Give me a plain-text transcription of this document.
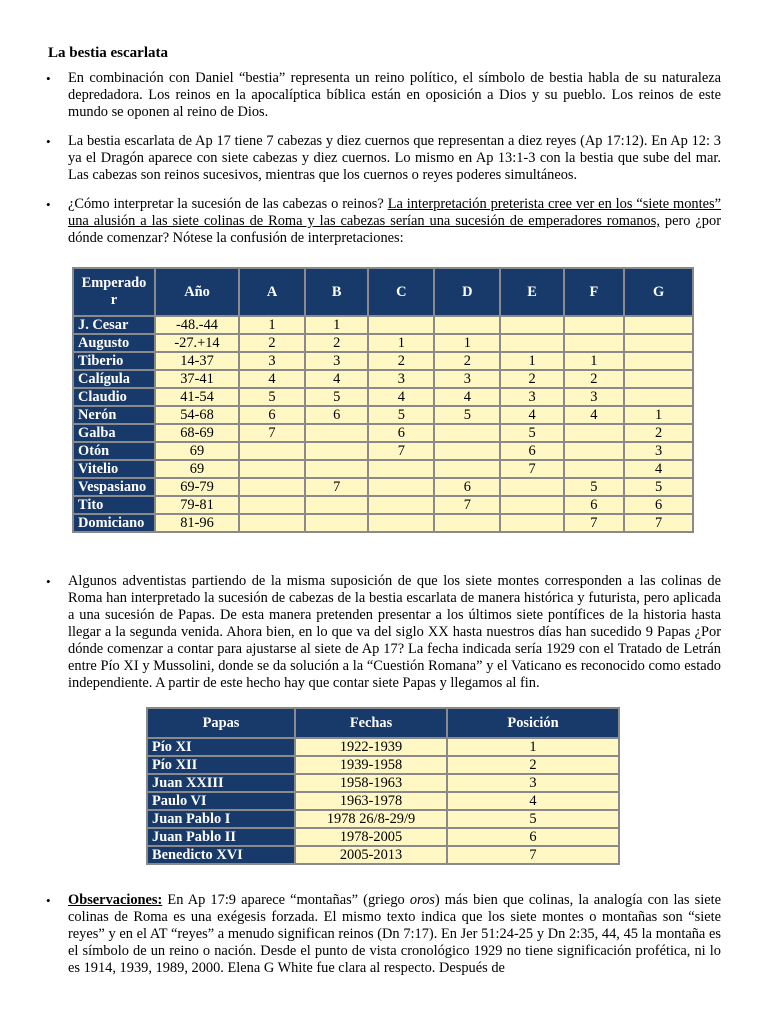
La bestia escarlata
• En combinación con Daniel “bestia” representa un reino político, el símbolo de bestia habla de su naturaleza depredadora. Los reinos en la apocalíptica bíblica están en oposición a Dios y su pueblo. Los reinos de este mundo se oponen al reino de Dios.
• La bestia escarlata de Ap 17 tiene 7 cabezas y diez cuernos que representan a diez reyes (Ap 17:12). En Ap 12: 3 ya el Dragón aparece con siete cabezas y diez cuernos. Lo mismo en Ap 13:1-3 con la bestia que sube del mar. Las cabezas son reinos sucesivos, mientras que los cuernos o reyes poderes simultáneos.
• ¿Cómo interpretar la sucesión de las cabezas o reinos? La interpretación preterista cree ver en los “siete montes” una alusión a las siete colinas de Roma y las cabezas serían una sucesión de emperadores romanos, pero ¿por dónde comenzar? Nótese la confusión de interpretaciones:
Emperado r	Año	A	B	C	D	E	F	G
J. Cesar	-48.-44	1	1					
Augusto	-27.+14	2	2	1	1			
Tiberio	14-37	3	3	2	2	1	1	
Calígula	37-41	4	4	3	3	2	2	
Claudio	41-54	5	5	4	4	3	3	
Nerón	54-68	6	6	5	5	4	4	1
Galba	68-69	7		6		5		2
Otón	69			7		6		3
Vitelio	69					7		4
Vespasiano	69-79		7		6		5	5
Tito	79-81				7		6	6
Domiciano	81-96						7	7
• Algunos adventistas partiendo de la misma suposición de que los siete montes corresponden a las colinas de Roma han interpretado la sucesión de cabezas de la bestia escarlata de manera histórica y futurista, pero aplicada a una sucesión de Papas. De esta manera pretenden presentar a los últimos siete pontífices de la historia hasta llegar a la segunda venida. Ahora bien, en lo que va del siglo XX hasta nuestros días han sucedido 9 Papas ¿Por dónde comenzar a contar para ajustarse al siete de Ap 17? La fecha indicada sería 1929 con el Tratado de Letrán entre Pío XI y Mussolini, donde se da solución a la “Cuestión Romana” y el Vaticano es reconocido como estado independiente. A partir de este hecho hay que contar siete Papas y llegamos al fin.
Papas	Fechas	Posición
Pío XI	1922-1939	1
Pío XII	1939-1958	2
Juan XXIII	1958-1963	3
Paulo VI	1963-1978	4
Juan Pablo I	1978 26/8-29/9	5
Juan Pablo II	1978-2005	6
Benedicto XVI	2005-2013	7
• Observaciones: En Ap 17:9 aparece “montañas” (griego oros) más bien que colinas, la analogía con las siete colinas de Roma es una exégesis forzada. El mismo texto indica que los siete montes o montañas son “siete reyes” y en el AT “reyes” a menudo significan reinos (Dn 7:17). En Jer 51:24-25 y Dn 2:35, 44, 45 la montaña es el símbolo de un reino o nación. Desde el punto de vista cronológico 1929 no tiene significación profética, ni lo es 1914, 1939, 1989, 2000. Elena G White fue clara al respecto. Después de
